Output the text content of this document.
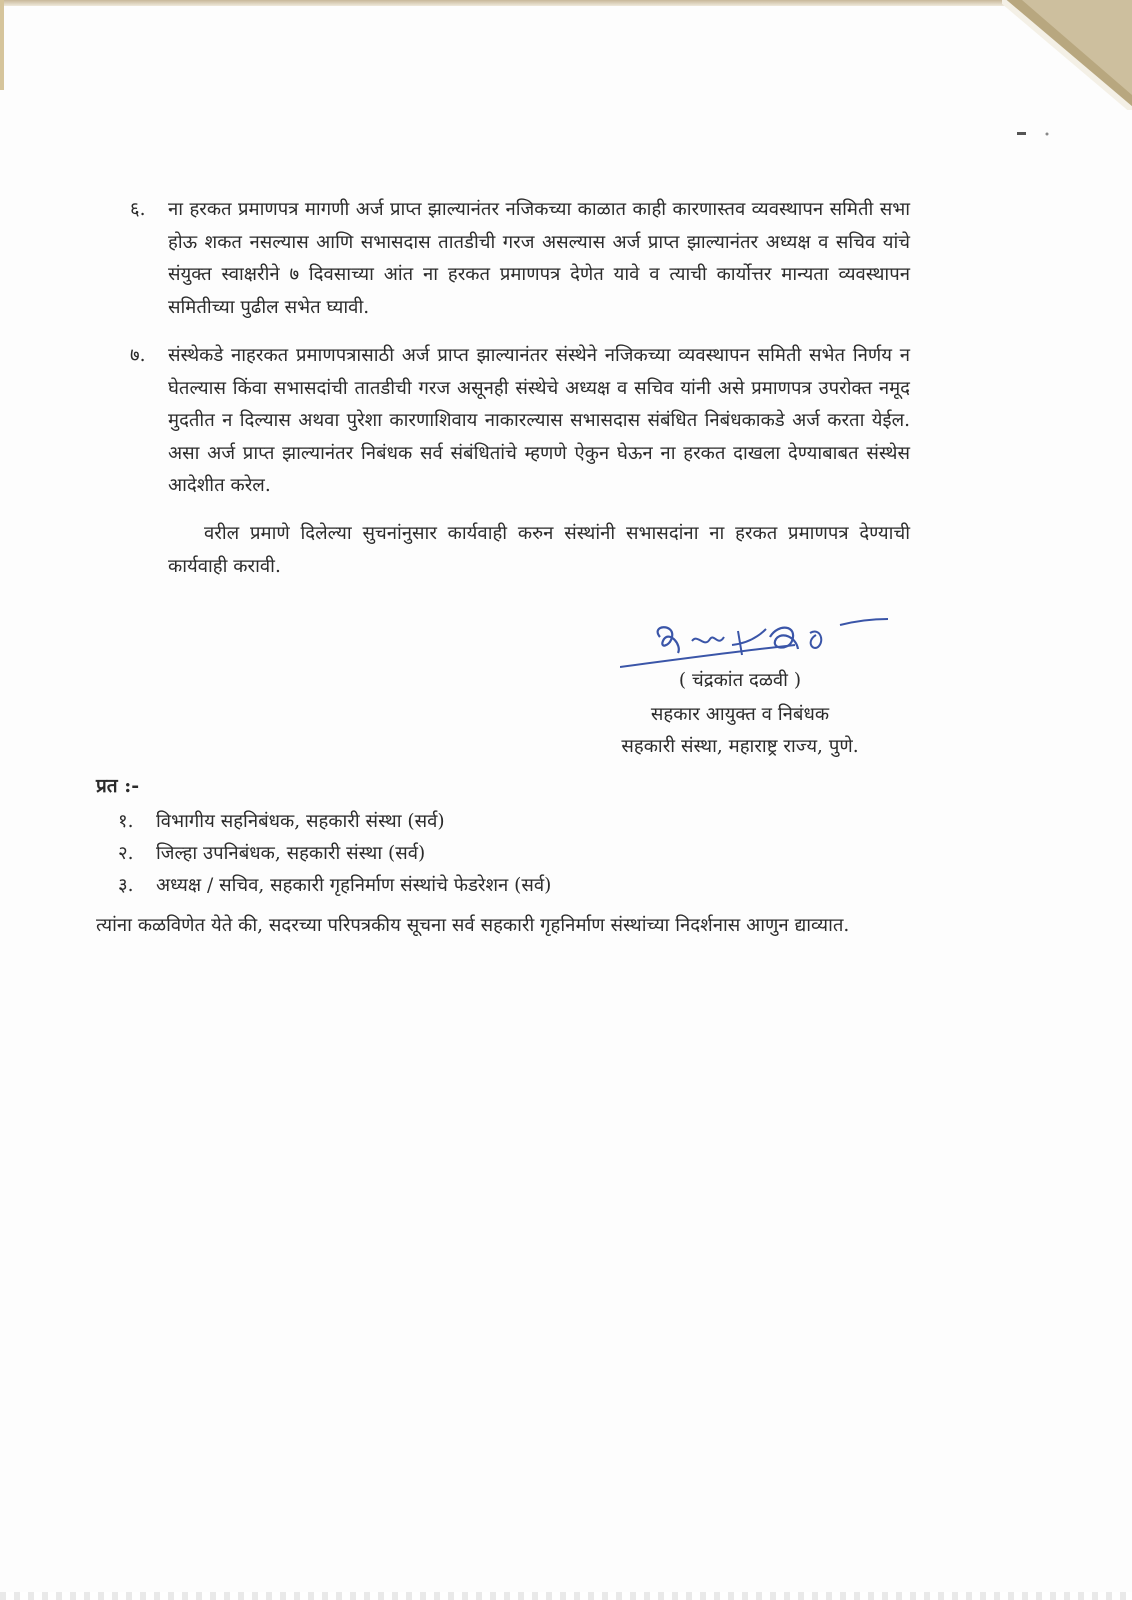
६.	ना हरकत प्रमाणपत्र मागणी अर्ज प्राप्त झाल्यानंतर नजिकच्या काळात काही कारणास्तव व्यवस्थापन समिती सभा होऊ शकत नसल्यास आणि सभासदास तातडीची गरज असल्यास अर्ज प्राप्त झाल्यानंतर अध्यक्ष व सचिव यांचे संयुक्त स्वाक्षरीने ७ दिवसाच्या आंत ना हरकत प्रमाणपत्र देणेत यावे व त्याची कार्योत्तर मान्यता व्यवस्थापन समितीच्या पुढील सभेत घ्यावी.
७.	संस्थेकडे नाहरकत प्रमाणपत्रासाठी अर्ज प्राप्त झाल्यानंतर संस्थेने नजिकच्या व्यवस्थापन समिती सभेत निर्णय न घेतल्यास किंवा सभासदांची तातडीची गरज असूनही संस्थेचे अध्यक्ष व सचिव यांनी असे प्रमाणपत्र उपरोक्त नमूद मुदतीत न दिल्यास अथवा पुरेशा कारणाशिवाय नाकारल्यास सभासदास संबंधित निबंधकाकडे अर्ज करता येईल. असा अर्ज प्राप्त झाल्यानंतर निबंधक सर्व संबंधितांचे म्हणणे ऐकुन घेऊन ना हरकत दाखला देण्याबाबत संस्थेस आदेशीत करेल.
वरील प्रमाणे दिलेल्या सुचनांनुसार कार्यवाही करुन संस्थांनी सभासदांना ना हरकत प्रमाणपत्र देण्याची कार्यवाही करावी.
( चंद्रकांत दळवी )
सहकार आयुक्त व निबंधक
सहकारी संस्था, महाराष्ट्र राज्य, पुणे.
प्रत :-
१. विभागीय सहनिबंधक, सहकारी संस्था (सर्व)
२. जिल्हा उपनिबंधक, सहकारी संस्था (सर्व)
३. अध्यक्ष / सचिव, सहकारी गृहनिर्माण संस्थांचे फेडरेशन (सर्व)
त्यांना कळविणेत येते की, सदरच्या परिपत्रकीय सूचना सर्व सहकारी गृहनिर्माण संस्थांच्या निदर्शनास आणुन द्याव्यात.
